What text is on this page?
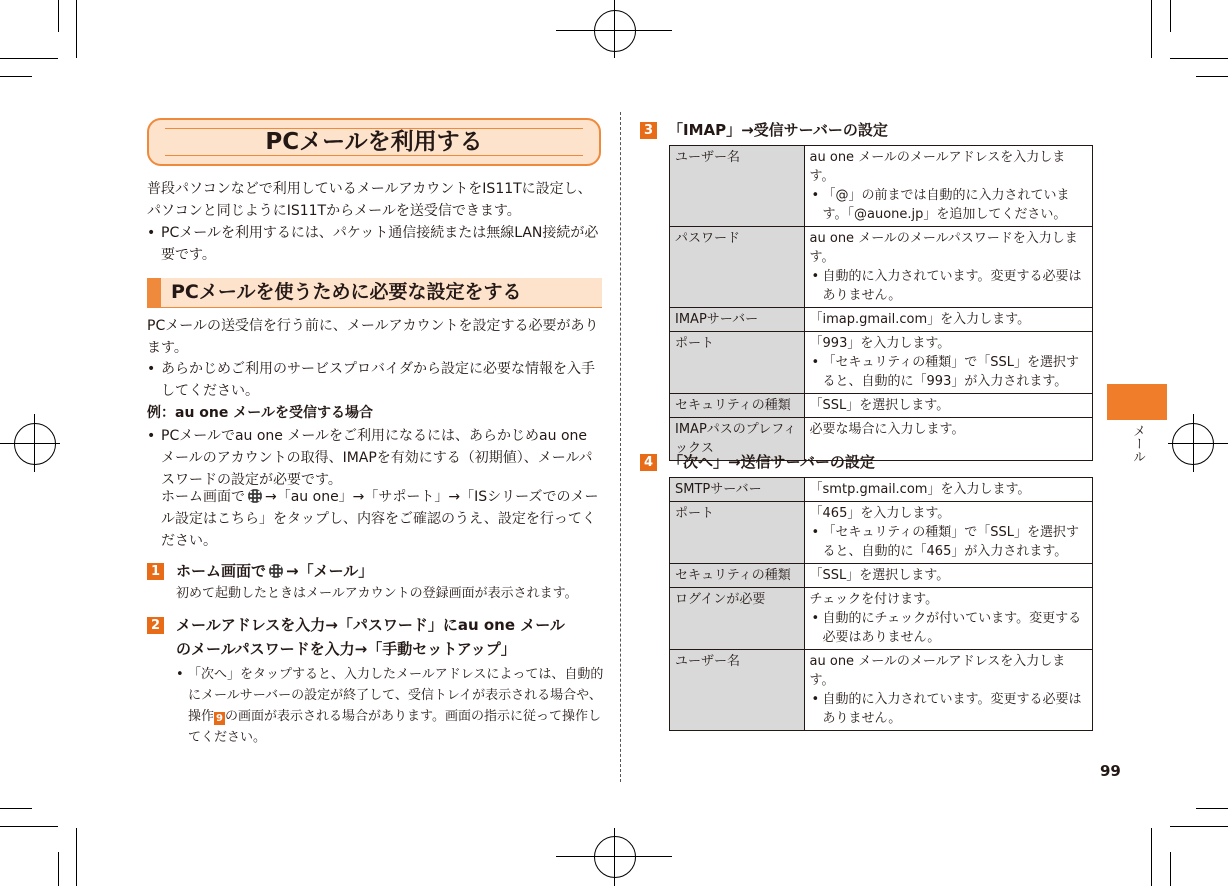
PCメールを利用する
普段パソコンなどで利用しているメールアカウントをIS11Tに設定し、パソコンと同じようにIS11Tからメールを送受信できます。
• PCメールを利用するには、パケット通信接続または無線LAN接続が必要です。
PCメールを使うために必要な設定をする
PCメールの送受信を行う前に、メールアカウントを設定する必要があります。
• あらかじめご利用のサービスプロバイダから設定に必要な情報を入手してください。
例：au one メールを受信する場合
• PCメールでau one メールをご利用になるには、あらかじめau one メールのアカウントの取得、IMAPを有効にする（初期値）、メールパスワードの設定が必要です。
ホーム画面で →「au one」→「サポート」→「ISシリーズでのメール設定はこちら」をタップし、内容をご確認のうえ、設定を行ってください。
1 ホーム画面で →「メール」
初めて起動したときはメールアカウントの登録画面が表示されます。
2 メールアドレスを入力→「パスワード」にau one メール
のメールパスワードを入力→「手動セットアップ」
• 「次へ」をタップすると、入力したメールアドレスによっては、自動的にメールサーバーの設定が終了して、受信トレイが表示される場合や、操作 9 の画面が表示される場合があります。画面の指示に従って操作してください。
3 「IMAP」→受信サーバーの設定
ユーザー名	au one メールのメールアドレスを入力します。
• 「@」の前までは自動的に入力されています。「@auone.jp」を追加してください。

パスワード	au one メールのメールパスワードを入力します。
• 自動的に入力されています。変更する必要はありません。

IMAPサーバー	「imap.gmail.com」を入力します。

ポート	「993」を入力します。
• 「セキュリティの種類」で「SSL」を選択すると、自動的に「993」が入力されます。

セキュリティの種類	「SSL」を選択します。

IMAPパスのプレフィックス	必要な場合に入力します。
4 「次へ」→送信サーバーの設定
SMTPサーバー	「smtp.gmail.com」を入力します。

ポート	「465」を入力します。
• 「セキュリティの種類」で「SSL」を選択すると、自動的に「465」が入力されます。

セキュリティの種類	「SSL」を選択します。

ログインが必要	チェックを付けます。
• 自動的にチェックが付いています。変更する必要はありません。

ユーザー名	au one メールのメールアドレスを入力します。
• 自動的に入力されています。変更する必要はありません。
メール
99
